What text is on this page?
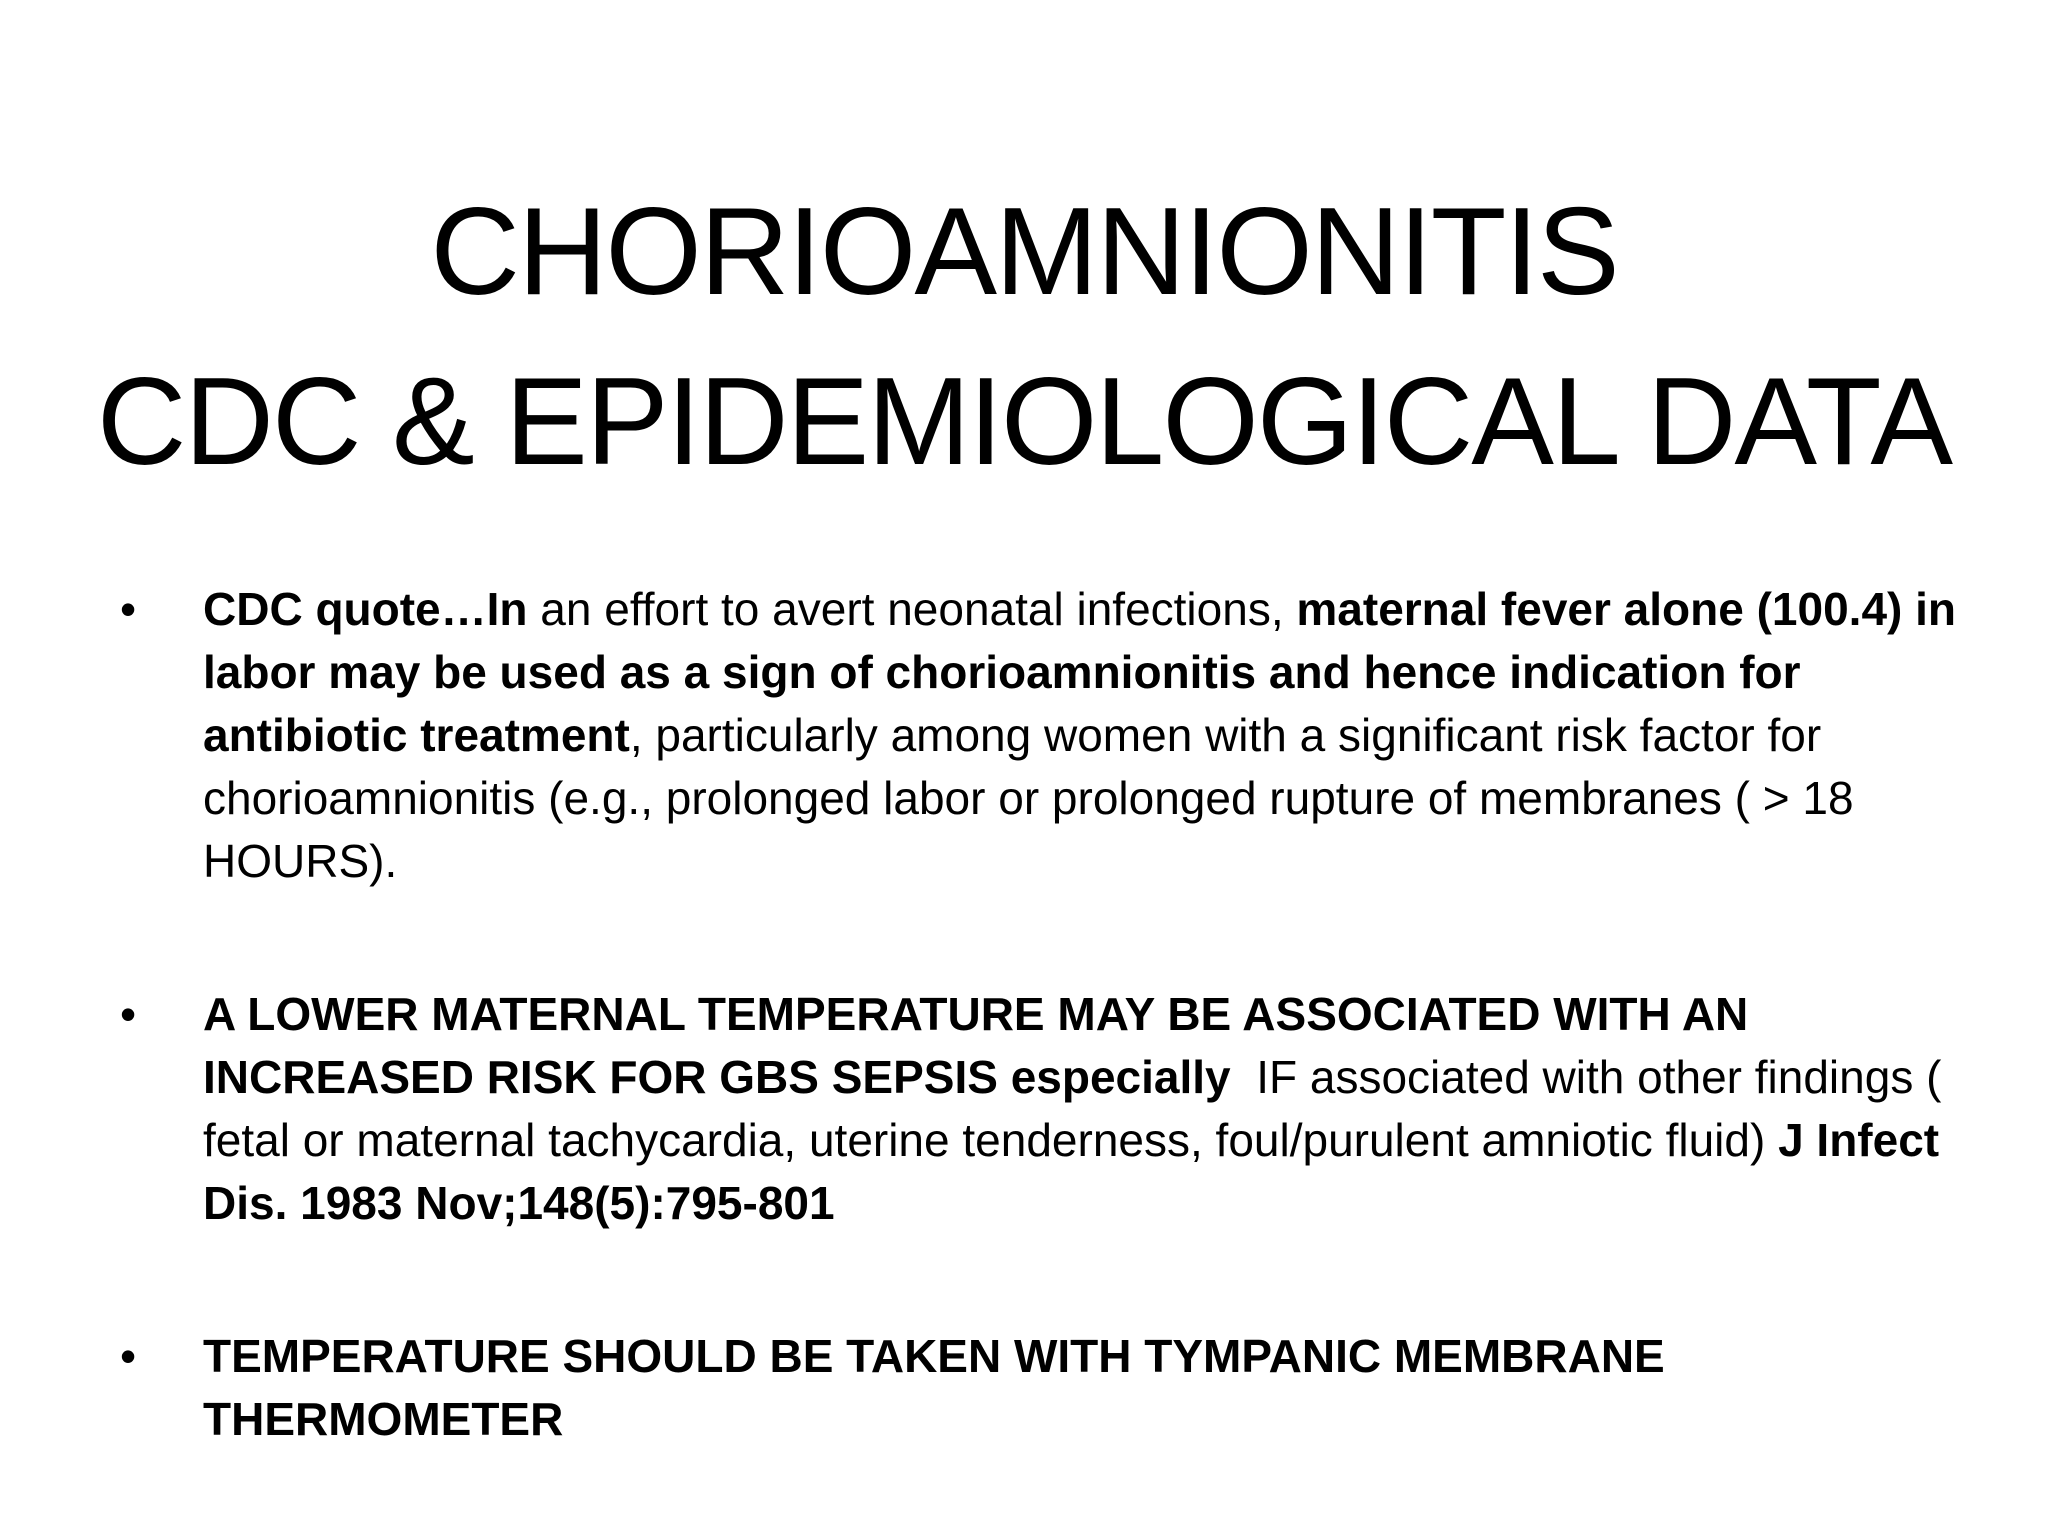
CHORIOAMNIONITIS
CDC & EPIDEMIOLOGICAL DATA
•	CDC quote…In an effort to avert neonatal infections, maternal fever alone (100.4) in labor may be used as a sign of chorioamnionitis and hence indication for antibiotic treatment, particularly among women with a significant risk factor for chorioamnionitis (e.g., prolonged labor or prolonged rupture of membranes ( > 18 HOURS).
•	A LOWER MATERNAL TEMPERATURE MAY BE ASSOCIATED WITH AN INCREASED RISK FOR GBS SEPSIS especially  IF associated with other findings ( fetal or maternal tachycardia, uterine tenderness, foul/purulent amniotic fluid) J Infect Dis. 1983 Nov;148(5):795-801
•	TEMPERATURE SHOULD BE TAKEN WITH TYMPANIC MEMBRANE THERMOMETER
